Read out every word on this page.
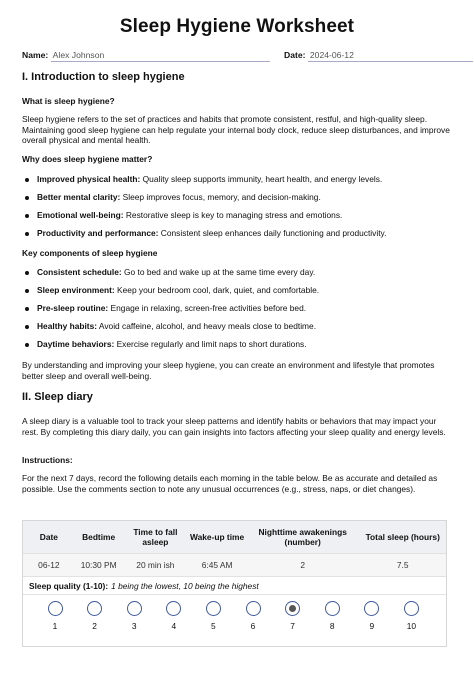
Sleep Hygiene Worksheet
Name: Alex Johnson	Date: 2024-06-12
I. Introduction to sleep hygiene
What is sleep hygiene?
Sleep hygiene refers to the set of practices and habits that promote consistent, restful, and high-quality sleep. Maintaining good sleep hygiene can help regulate your internal body clock, reduce sleep disturbances, and improve overall physical and mental health.
Why does sleep hygiene matter?
Improved physical health: Quality sleep supports immunity, heart health, and energy levels.
Better mental clarity: Sleep improves focus, memory, and decision-making.
Emotional well-being: Restorative sleep is key to managing stress and emotions.
Productivity and performance: Consistent sleep enhances daily functioning and productivity.
Key components of sleep hygiene
Consistent schedule: Go to bed and wake up at the same time every day.
Sleep environment: Keep your bedroom cool, dark, quiet, and comfortable.
Pre-sleep routine: Engage in relaxing, screen-free activities before bed.
Healthy habits: Avoid caffeine, alcohol, and heavy meals close to bedtime.
Daytime behaviors: Exercise regularly and limit naps to short durations.
By understanding and improving your sleep hygiene, you can create an environment and lifestyle that promotes better sleep and overall well-being.
II. Sleep diary
A sleep diary is a valuable tool to track your sleep patterns and identify habits or behaviors that may impact your rest. By completing this diary daily, you can gain insights into factors affecting your sleep quality and energy levels.
Instructions:
For the next 7 days, record the following details each morning in the table below. Be as accurate and detailed as possible. Use the comments section to note any unusual occurrences (e.g., stress, naps, or diet changes).
Date	Bedtime	Time to fall asleep	Wake-up time	Nighttime awakenings (number)	Total sleep (hours)
06-12	10:30 PM	20 min ish	6:45 AM	2	7.5
Sleep quality (1-10): 1 being the lowest, 10 being the highest
1	2	3	4	5	6	7	8	9	10
